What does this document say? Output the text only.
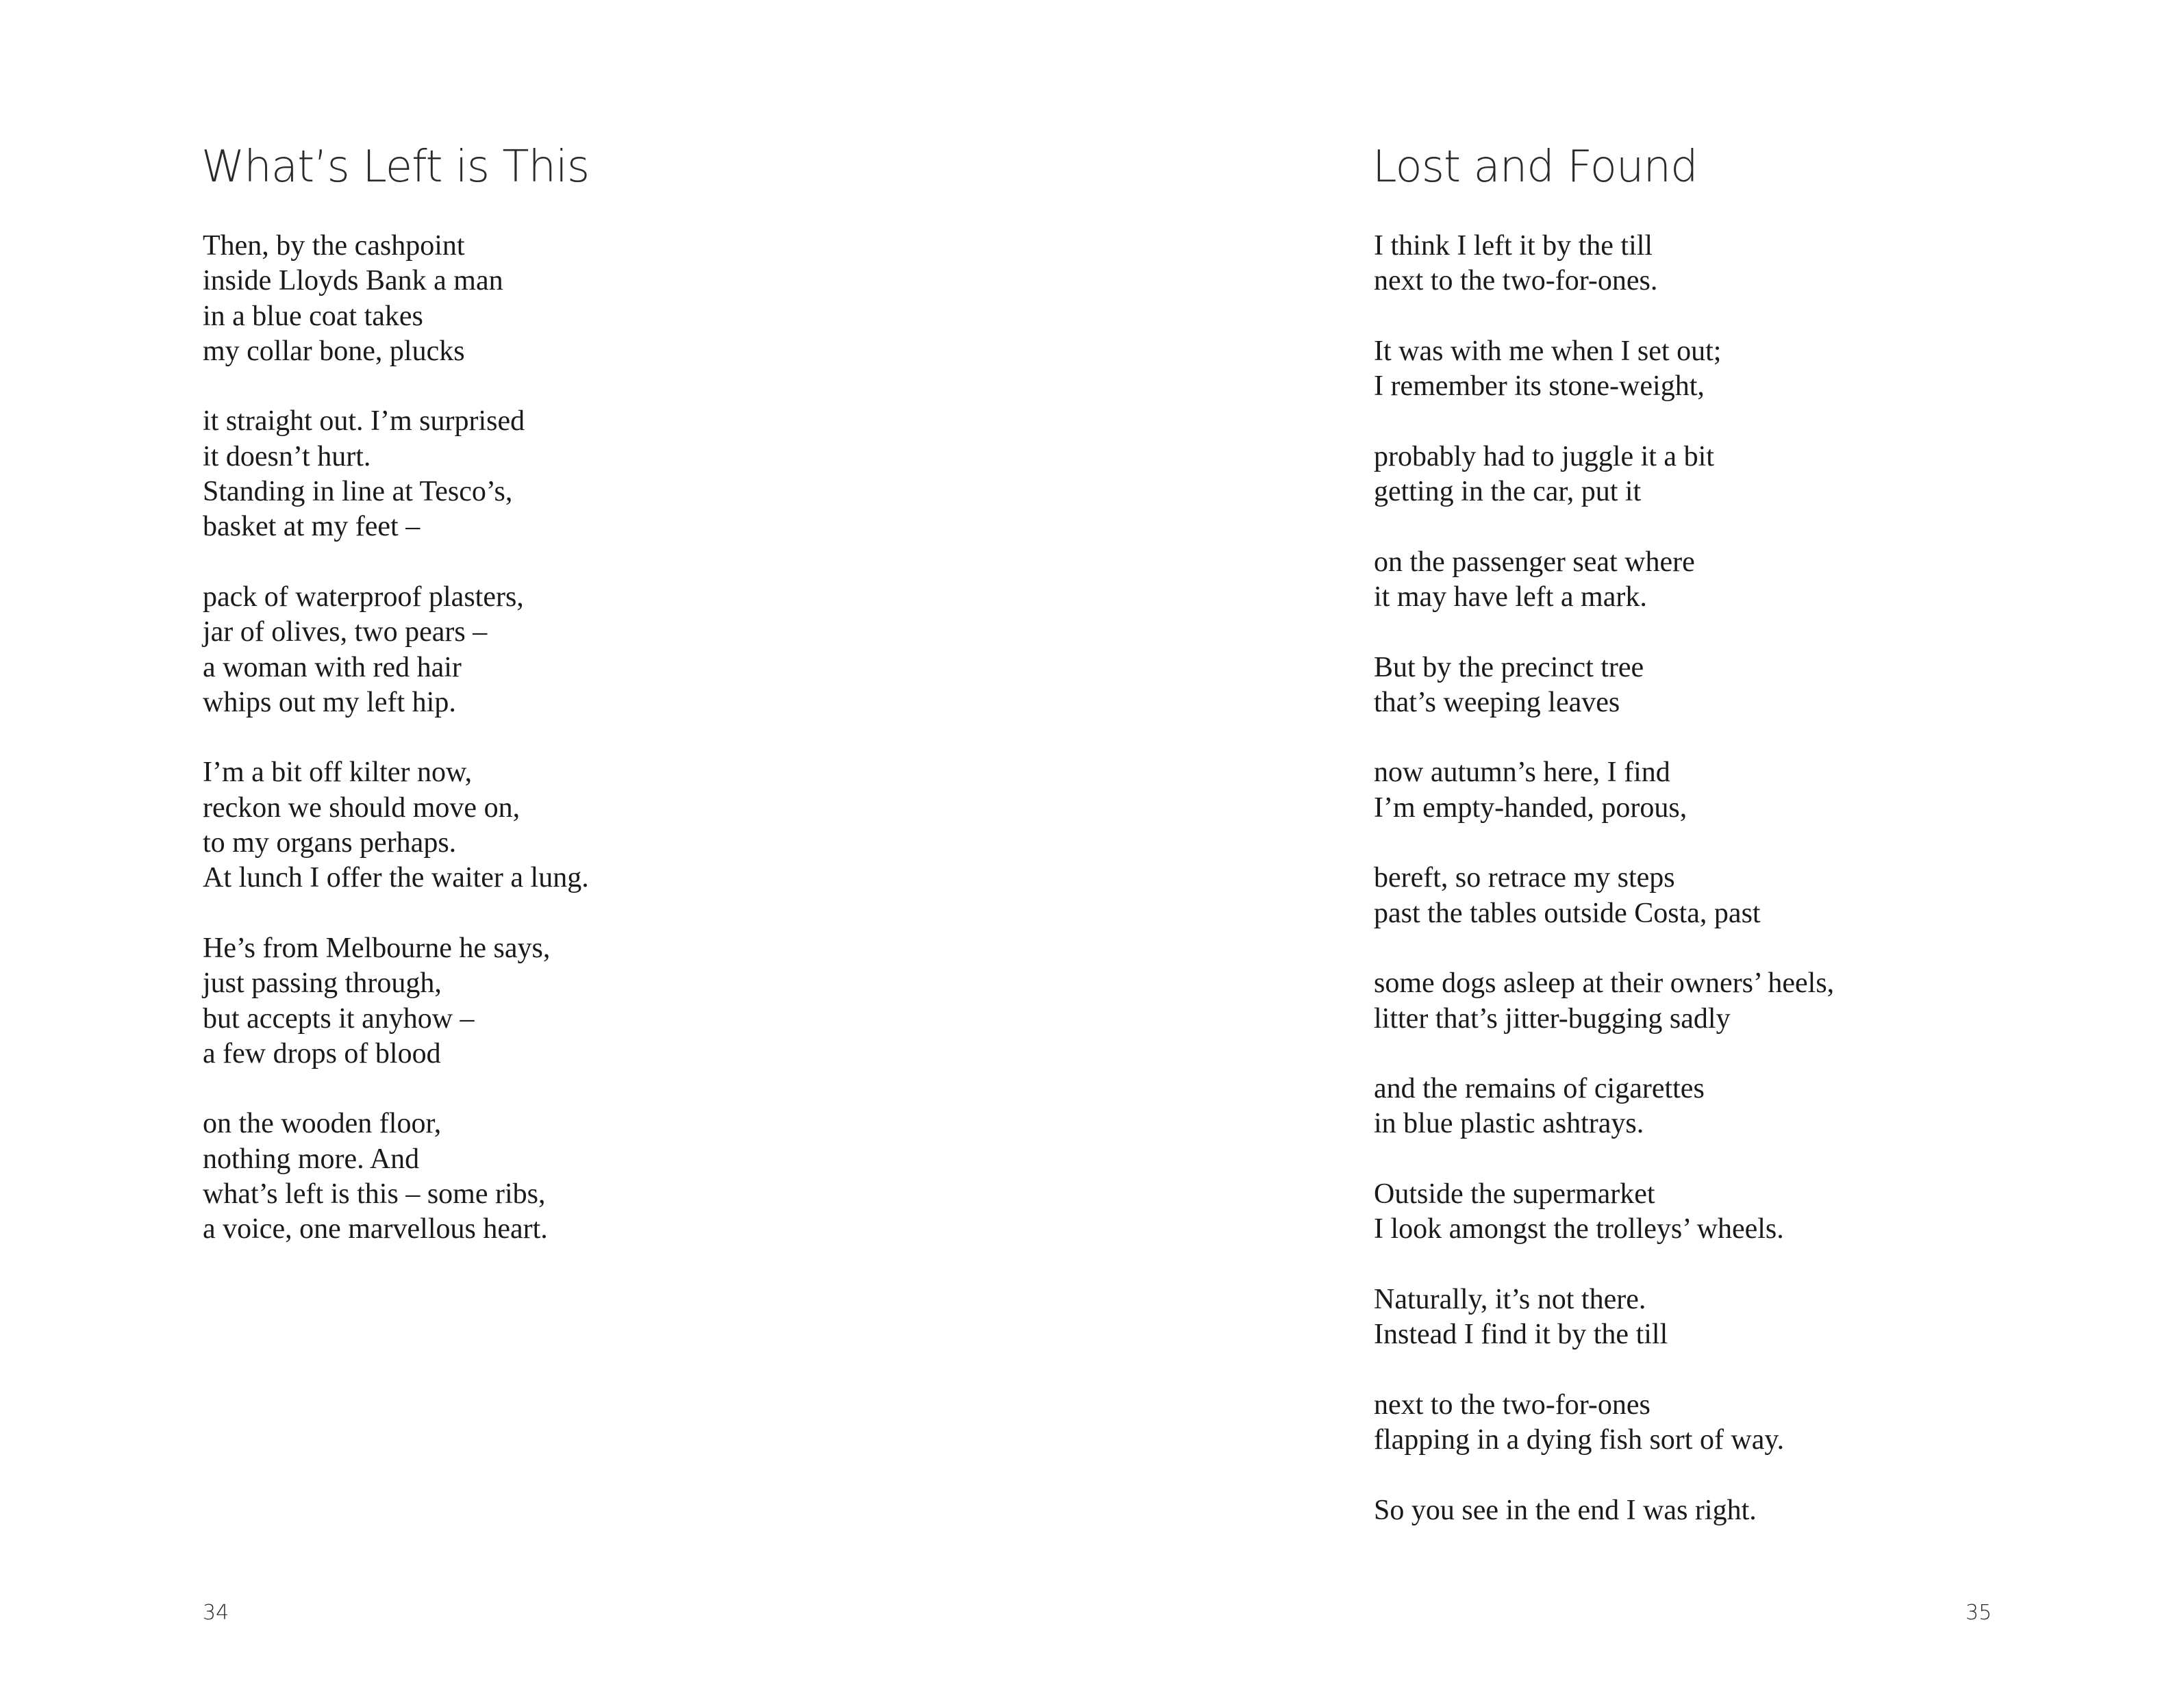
What’s Left is This

Then, by the cashpoint
inside Lloyds Bank a man
in a blue coat takes
my collar bone, plucks

it straight out. I’m surprised
it doesn’t hurt.
Standing in line at Tesco’s,
basket at my feet –

pack of waterproof plasters,
jar of olives, two pears –
a woman with red hair
whips out my left hip.

I’m a bit off kilter now,
reckon we should move on,
to my organs perhaps.
At lunch I offer the waiter a lung.

He’s from Melbourne he says,
just passing through,
but accepts it anyhow –
a few drops of blood

on the wooden floor,
nothing more. And
what’s left is this – some ribs,
a voice, one marvellous heart.

34
Lost and Found

I think I left it by the till
next to the two-for-ones.

It was with me when I set out;
I remember its stone-weight,

probably had to juggle it a bit
getting in the car, put it

on the passenger seat where
it may have left a mark.

But by the precinct tree
that’s weeping leaves

now autumn’s here, I find
I’m empty-handed, porous,

bereft, so retrace my steps
past the tables outside Costa, past

some dogs asleep at their owners’ heels,
litter that’s jitter-bugging sadly

and the remains of cigarettes
in blue plastic ashtrays.

Outside the supermarket
I look amongst the trolleys’ wheels.

Naturally, it’s not there.
Instead I find it by the till

next to the two-for-ones
flapping in a dying fish sort of way.

So you see in the end I was right.

35
